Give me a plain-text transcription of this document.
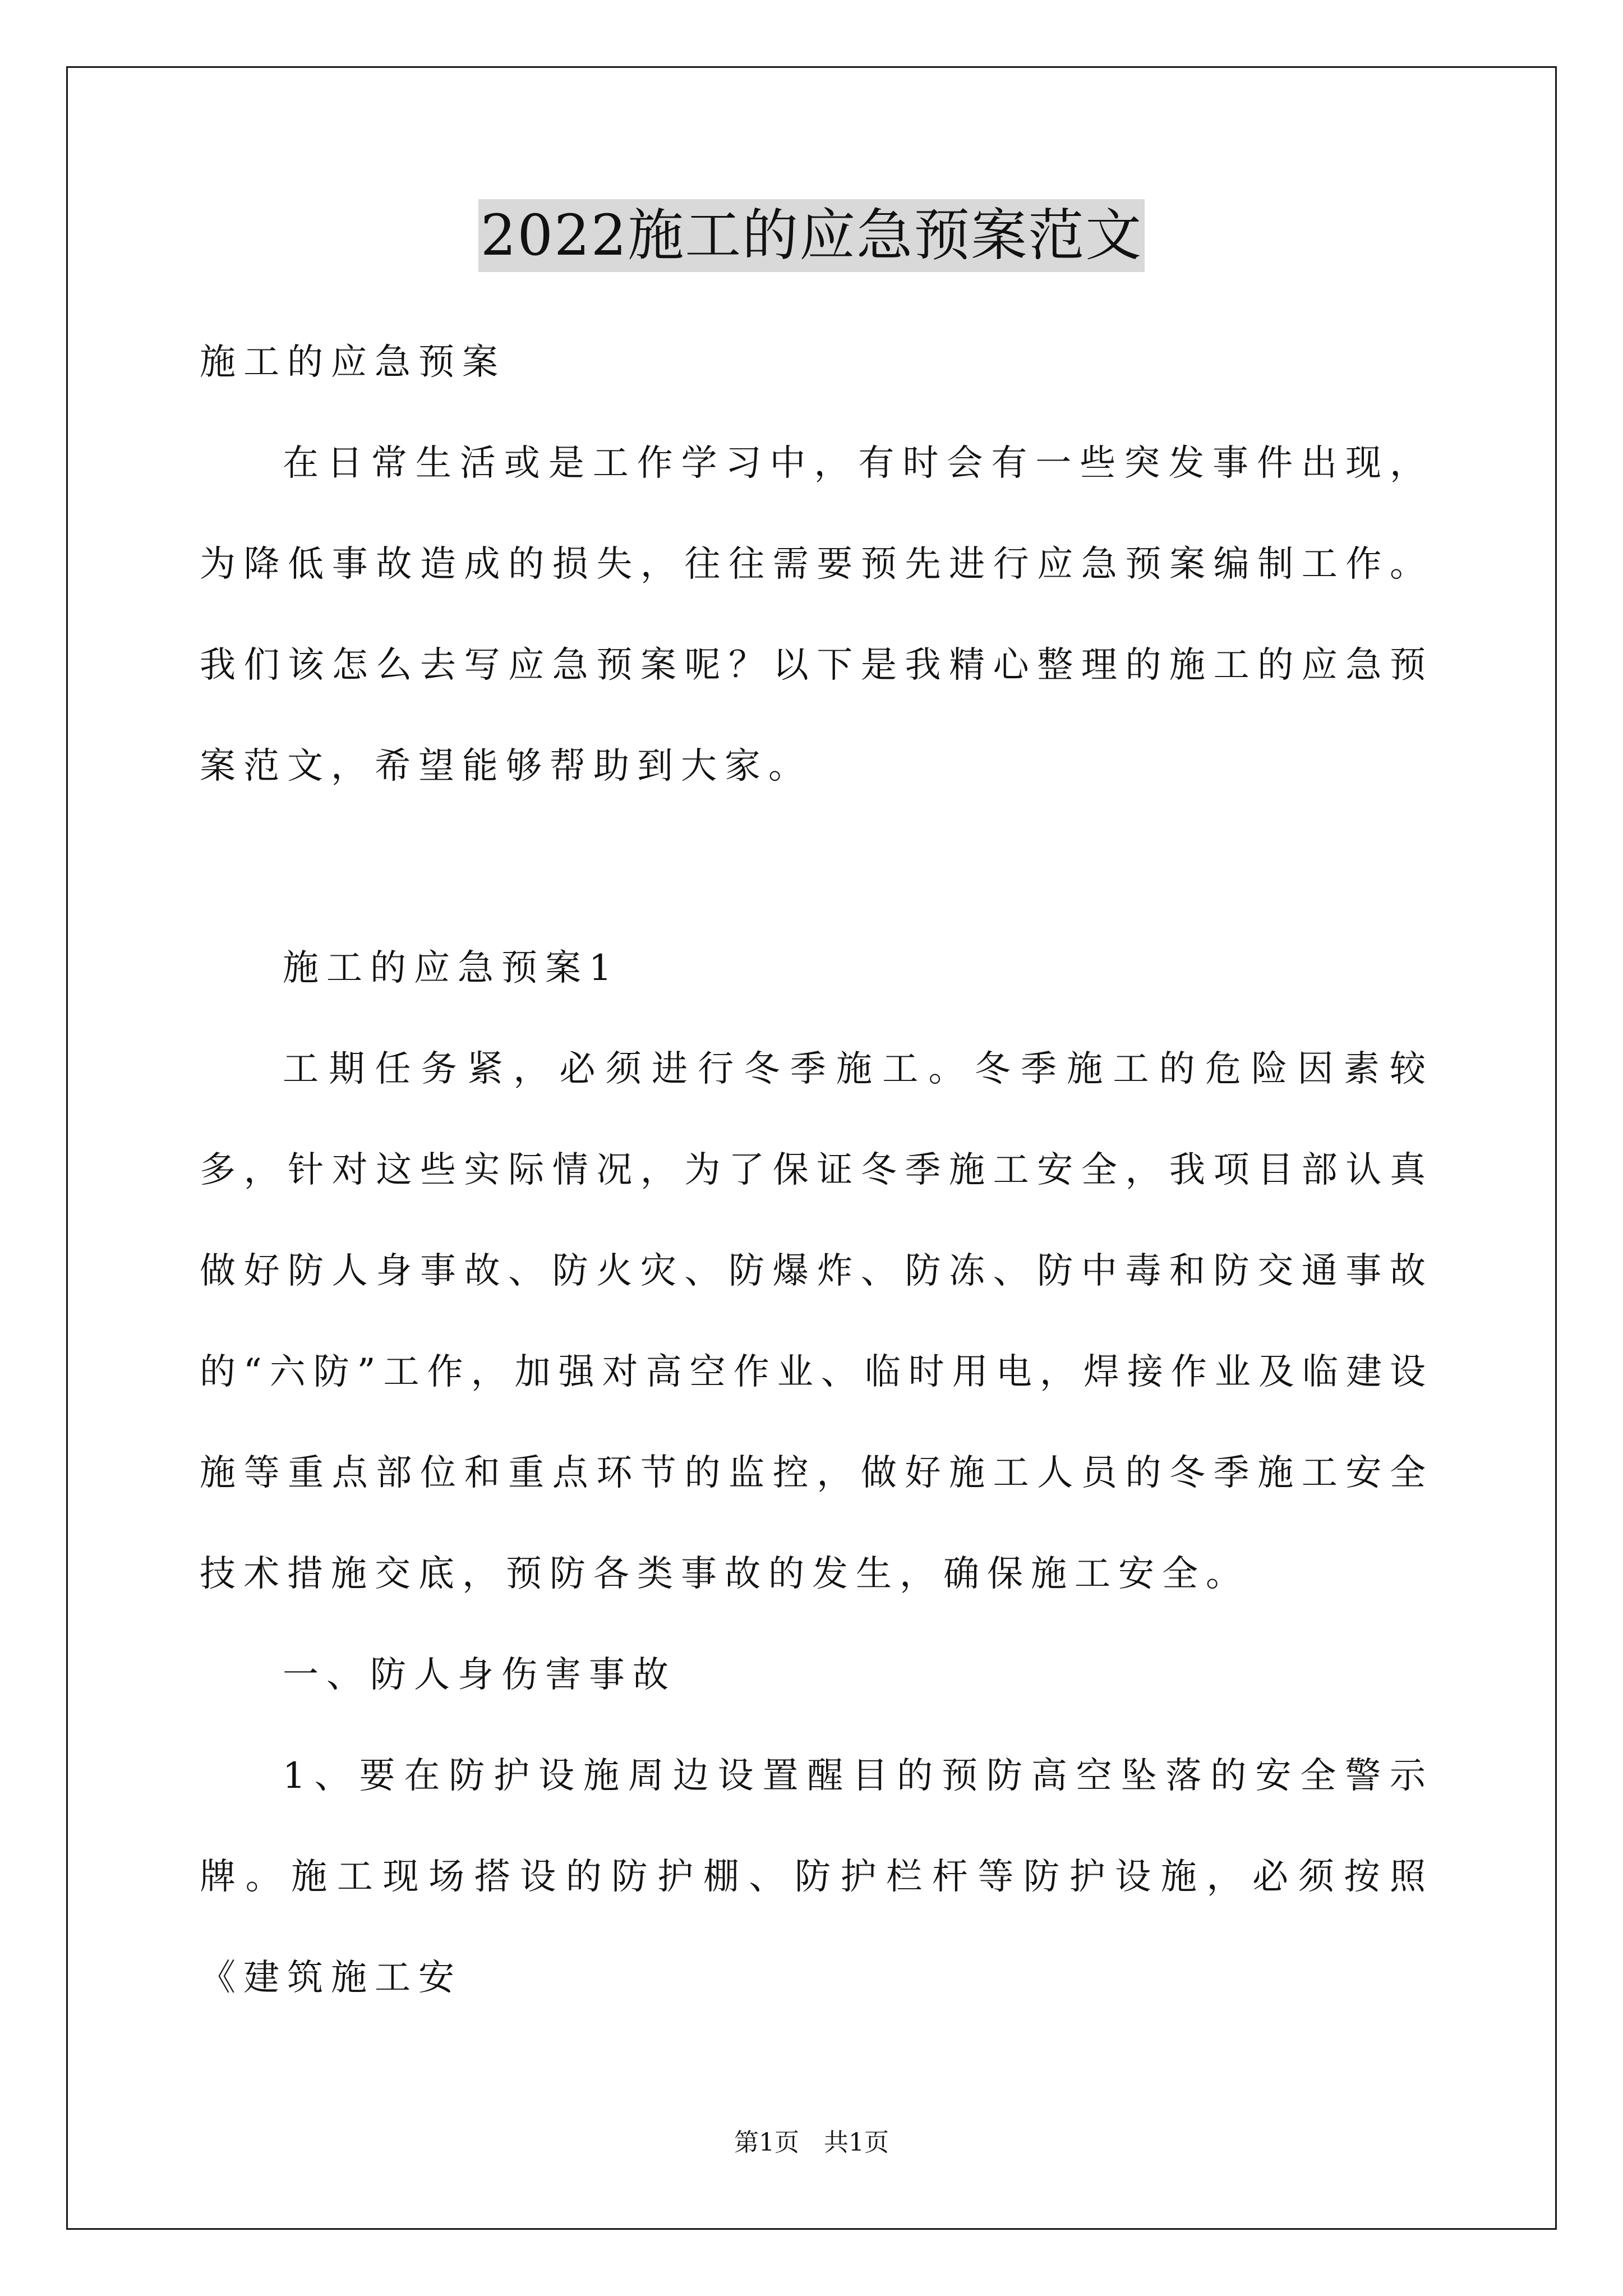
2022施工的应急预案范文

施工的应急预案

在日常生活或是工作学习中，有时会有一些突发事件出现，为降低事故造成的损失，往往需要预先进行应急预案编制工作。我们该怎么去写应急预案呢？以下是我精心整理的施工的应急预案范文，希望能够帮助到大家。

施工的应急预案1

工期任务紧，必须进行冬季施工。冬季施工的危险因素较多，针对这些实际情况，为了保证冬季施工安全，我项目部认真做好防人身事故、防火灾、防爆炸、防冻、防中毒和防交通事故的“六防”工作，加强对高空作业、临时用电，焊接作业及临建设施等重点部位和重点环节的监控，做好施工人员的冬季施工安全技术措施交底，预防各类事故的发生，确保施工安全。

一、防人身伤害事故

1、要在防护设施周边设置醒目的预防高空坠落的安全警示牌。施工现场搭设的防护棚、防护栏杆等防护设施，必须按照《建筑施工安

第1页　共1页
